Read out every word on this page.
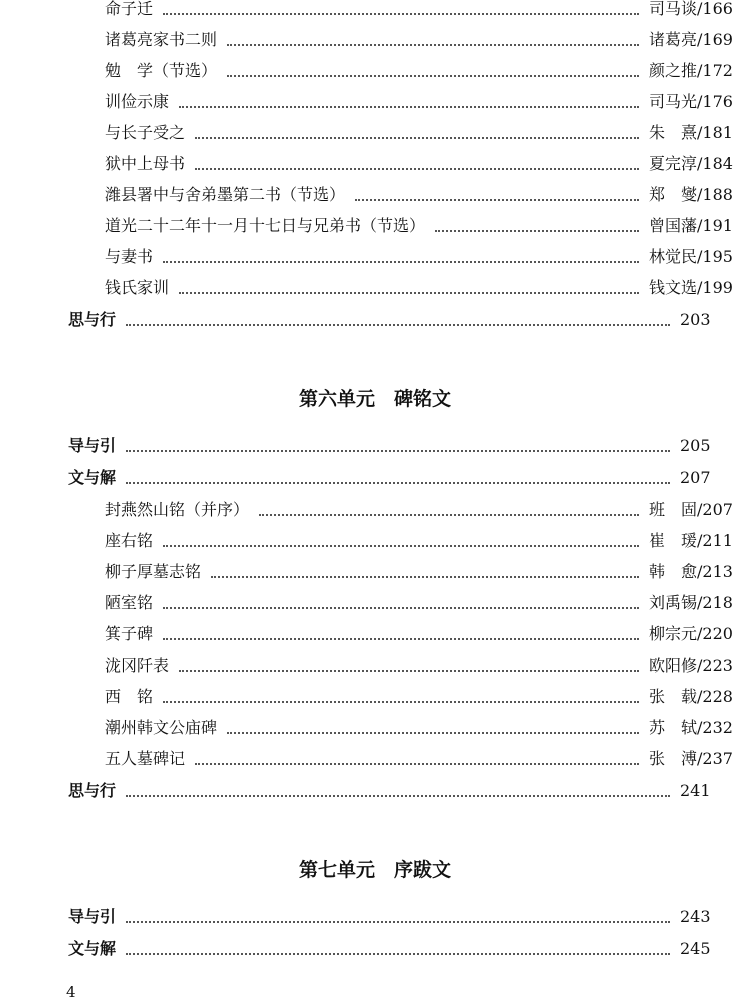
命子迁	司马谈/166
诸葛亮家书二则	诸葛亮/169
勉　学（节选）	颜之推/172
训俭示康	司马光/176
与长子受之	朱　熹/181
狱中上母书	夏完淳/184
潍县署中与舍弟墨第二书（节选）	郑　燮/188
道光二十二年十一月十七日与兄弟书（节选）	曾国藩/191
与妻书	林觉民/195
钱氏家训	钱文选/199
思与行	203
第六单元　碑铭文
导与引	205
文与解	207
封燕然山铭（并序）	班　固/207
座右铭	崔　瑗/211
柳子厚墓志铭	韩　愈/213
陋室铭	刘禹锡/218
箕子碑	柳宗元/220
泷冈阡表	欧阳修/223
西　铭	张　载/228
潮州韩文公庙碑	苏　轼/232
五人墓碑记	张　溥/237
思与行	241
第七单元　序跋文
导与引	243
文与解	245
4
